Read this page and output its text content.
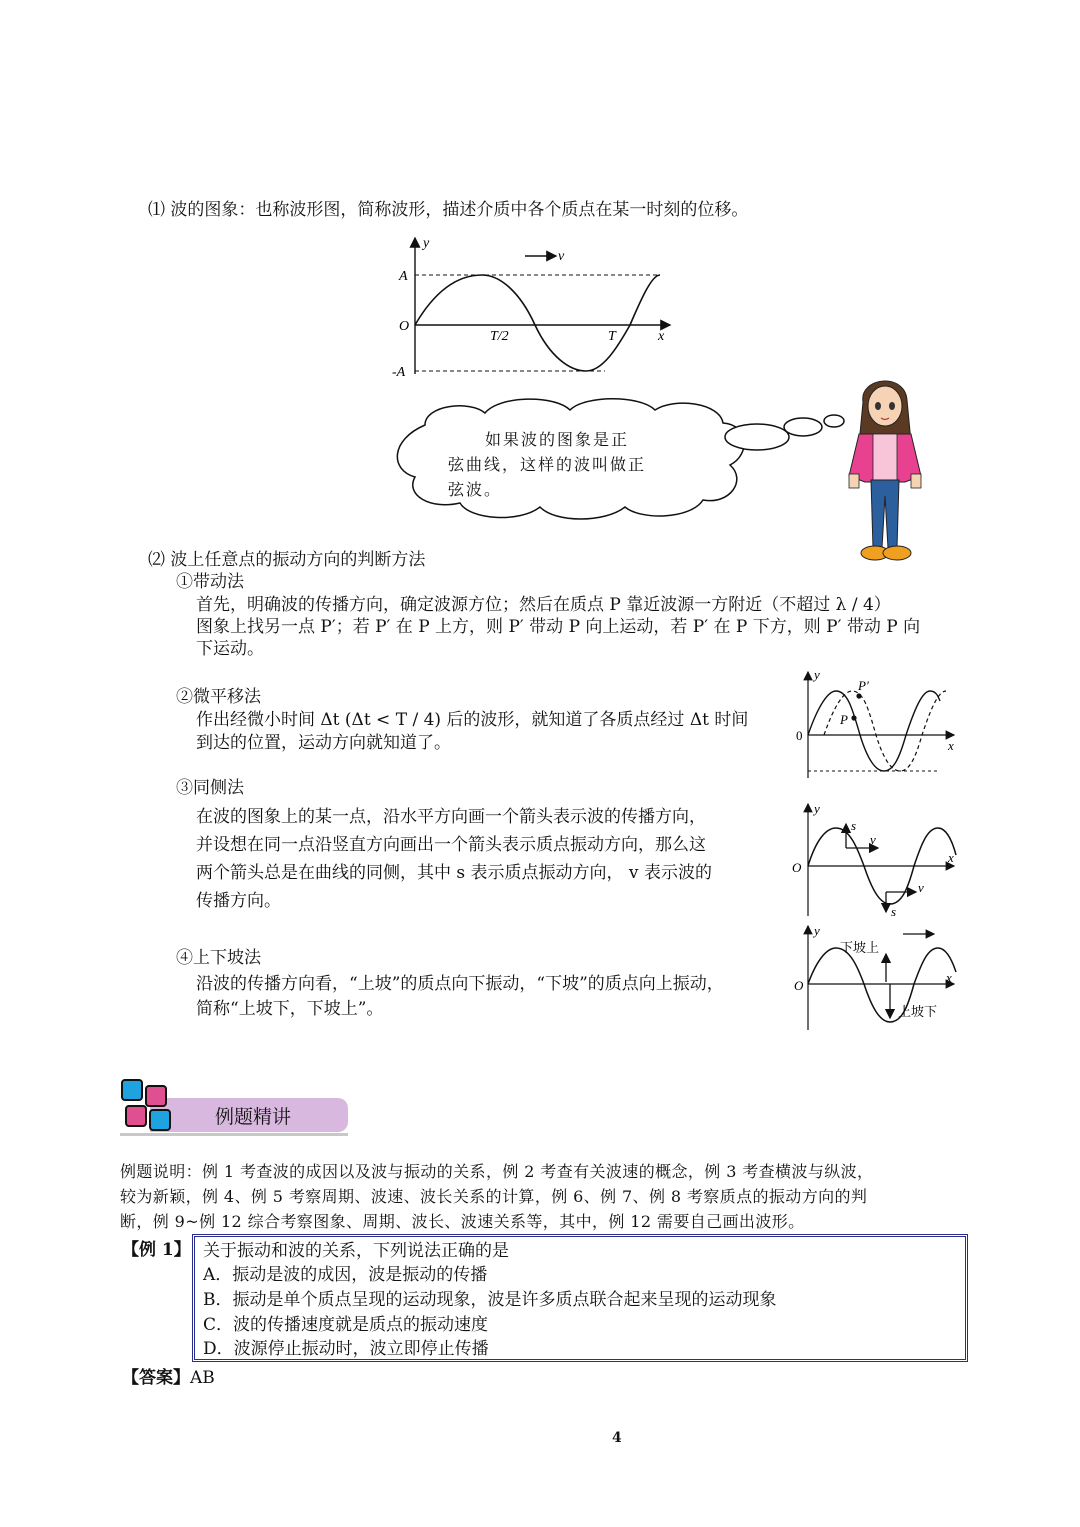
⑴ 波的图象：也称波形图，简称波形，描述介质中各个质点在某一时刻的位移。
y
v
A
O
-A
T/2	T	x
如果波的图象是正
弦曲线，这样的波叫做正
弦波。
⑵ 波上任意点的振动方向的判断方法
①带动法
首先，明确波的传播方向，确定波源方位；然后在质点 P 靠近波源一方附近（不超过 λ / 4）
图象上找另一点 P′；若 P′ 在 P 上方，则 P′ 带动 P 向上运动，若 P′ 在 P 下方，则 P′ 带动 P 向
下运动。
②微平移法
作出经微小时间 Δt (Δt < T / 4) 后的波形，就知道了各质点经过 Δt 时间
到达的位置，运动方向就知道了。
y
x
0
P
P′
③同侧法
在波的图象上的某一点，沿水平方向画一个箭头表示波的传播方向，
并设想在同一点沿竖直方向画出一个箭头表示质点振动方向，那么这
两个箭头总是在曲线的同侧，其中 s 表示质点振动方向， v 表示波的
传播方向。
y
x
O
s
v
s
v
④上下坡法
沿波的传播方向看，“上坡”的质点向下振动，“下坡”的质点向上振动，
简称“上坡下，下坡上”。
y
x
O
下坡上
上坡下
例题精讲
例题说明：例 1 考查波的成因以及波与振动的关系，例 2 考查有关波速的概念，例 3 考查横波与纵波，
较为新颖，例 4、例 5 考察周期、波速、波长关系的计算，例 6、例 7、例 8 考察质点的振动方向的判
断，例 9~例 12 综合考察图象、周期、波长、波速关系等，其中，例 12 需要自己画出波形。
【例 1】 关于振动和波的关系，下列说法正确的是
A．振动是波的成因，波是振动的传播
B．振动是单个质点呈现的运动现象，波是许多质点联合起来呈现的运动现象
C．波的传播速度就是质点的振动速度
D．波源停止振动时，波立即停止传播
【答案】AB
4
